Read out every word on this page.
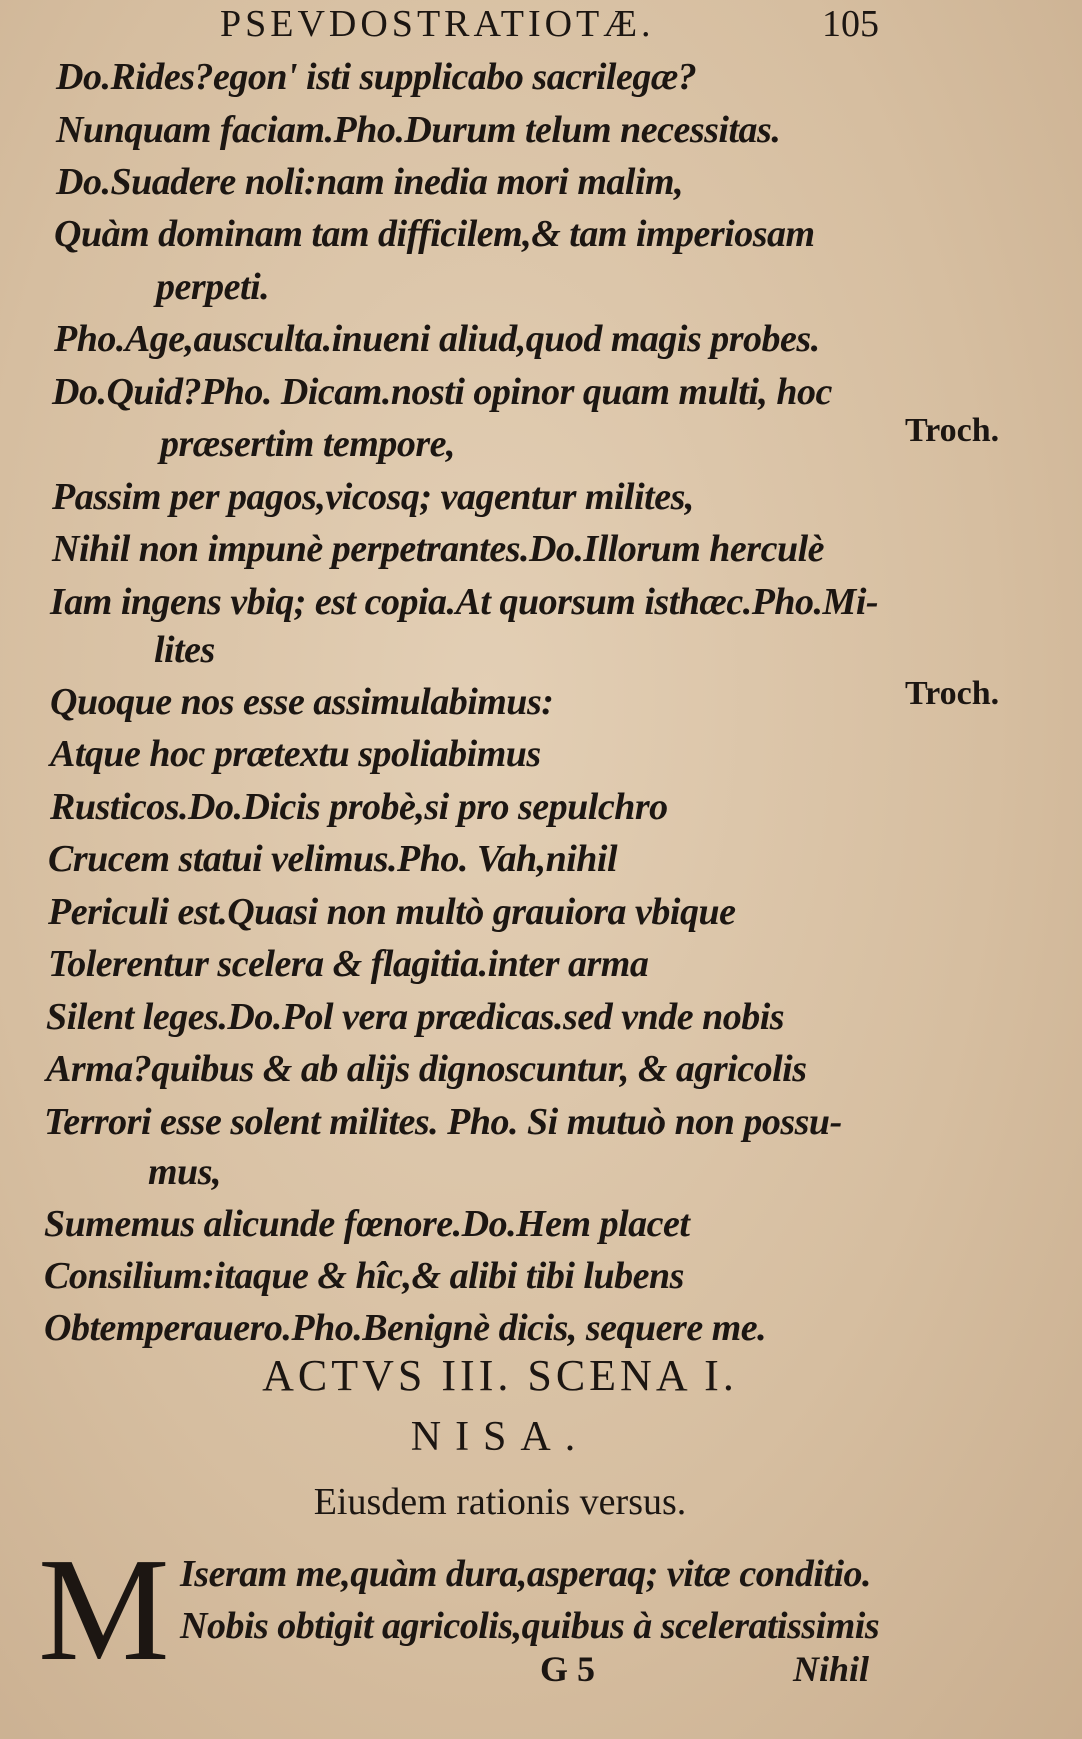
PSEVDOSTRATIOTÆ.	105
Do.Rides?egon' isti supplicabo sacrilegæ?
Nunquam faciam.Pho.Durum telum necessitas.
Do.Suadere noli:nam inedia mori malim,
Quàm dominam tam difficilem,& tam imperiosam
perpeti.
Pho.Age,ausculta.inueni aliud,quod magis probes.
Do.Quid?Pho. Dicam.nosti opinor quam multi, hoc
præsertim tempore,
Passim per pagos,vicosq; vagentur milites,
Nihil non impunè perpetrantes.Do.Illorum herculè
Iam ingens vbiq; est copia.At quorsum isthæc.Pho.Mi-
lites
Quoque nos esse assimulabimus:
Atque hoc prætextu spoliabimus
Rusticos.Do.Dicis probè,si pro sepulchro
Crucem statui velimus.Pho. Vah,nihil
Periculi est.Quasi non multò grauiora vbique
Tolerentur scelera & flagitia.inter arma
Silent leges.Do.Pol vera prædicas.sed vnde nobis
Arma?quibus & ab aliјs dignoscuntur, & agricolis
Terrori esse solent milites. Pho. Si mutuò non possu-
mus,
Sumemus alicunde fœnore.Do.Hem placet
Consilium:itaque & hîc,& alibi tibi lubens
Obtemperauero.Pho.Benignè dicis, sequere me.
Troch.
Troch.
ACTVS III. SCENA I.
NISA.
Eiusdem rationis versus.
M Iseram me,quàm dura,asperaq; vitæ conditio.
Nobis obtigit agricolis,quibus à sceleratissimis
G 5	Nihil
